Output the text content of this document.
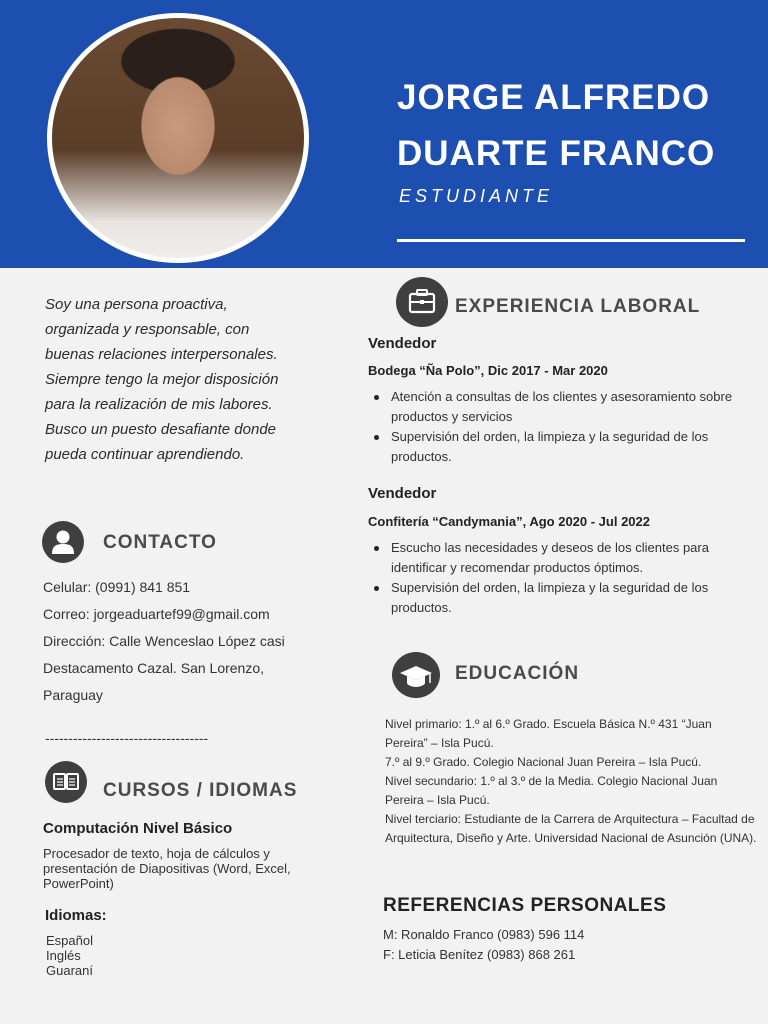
JORGE ALFREDO
DUARTE FRANCO
ESTUDIANTE
Soy una persona proactiva,
organizada y responsable, con
buenas relaciones interpersonales.
Siempre tengo la mejor disposición
para la realización de mis labores.
Busco un puesto desafiante donde
pueda continuar aprendiendo.
CONTACTO
Celular: (0991) 841 851
Correo: jorgeaduartef99@gmail.com
Dirección: Calle Wenceslao López casi
Destacamento Cazal. San Lorenzo,
Paraguay
-----------------------------------
CURSOS / IDIOMAS
Computación Nivel Básico
Procesador de texto, hoja de cálculos y presentación de Diapositivas (Word, Excel, PowerPoint)
Idiomas:
Español
Inglés
Guaraní
EXPERIENCIA LABORAL
Vendedor
Bodega “Ña Polo”, Dic 2017 - Mar 2020
Atención a consultas de los clientes y asesoramiento sobre productos y servicios
Supervisión del orden, la limpieza y la seguridad de los productos.
Vendedor
Confitería “Candymania”, Ago 2020 - Jul 2022
Escucho las necesidades y deseos de los clientes para identificar y recomendar productos óptimos.
Supervisión del orden, la limpieza y la seguridad de los productos.
EDUCACIÓN
Nivel primario: 1.º al 6.º Grado. Escuela Básica N.º 431 “Juan Pereira” – Isla Pucú.
7.º al 9.º Grado. Colegio Nacional Juan Pereira – Isla Pucú.
Nivel secundario: 1.º al 3.º de la Media. Colegio Nacional Juan Pereira – Isla Pucú.
Nivel terciario: Estudiante de la Carrera de Arquitectura – Facultad de Arquitectura, Diseño y Arte. Universidad Nacional de Asunción (UNA).
REFERENCIAS PERSONALES
M: Ronaldo Franco (0983) 596 114
F: Leticia Benítez (0983) 868 261
